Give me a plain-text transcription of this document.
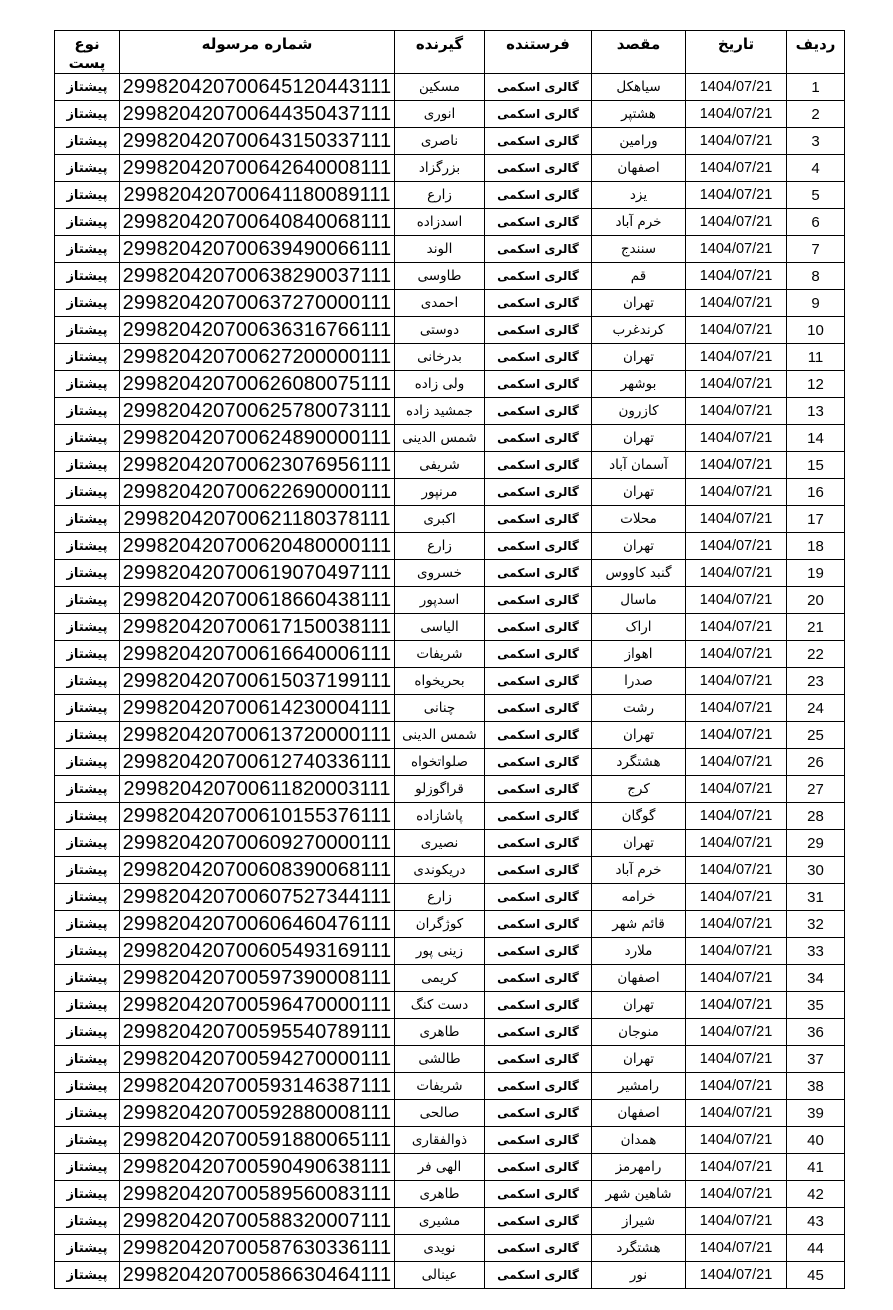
ردیف	تاریخ	مقصد	فرستنده	گیرنده	شماره مرسوله	نوع پست
1	1404/07/21	سیاهکل	گالری اسکمی	مسکین	299820420700645120443111	پیشتاز
2	1404/07/21	هشتپر	گالری اسکمی	انوری	299820420700644350437111	پیشتاز
3	1404/07/21	ورامین	گالری اسکمی	ناصری	299820420700643150337111	پیشتاز
4	1404/07/21	اصفهان	گالری اسکمی	بزرگزاد	299820420700642640008111	پیشتاز
5	1404/07/21	یزد	گالری اسکمی	زارع	299820420700641180089111	پیشتاز
6	1404/07/21	خرم آباد	گالری اسکمی	اسدزاده	299820420700640840068111	پیشتاز
7	1404/07/21	سنندج	گالری اسکمی	الوند	299820420700639490066111	پیشتاز
8	1404/07/21	قم	گالری اسکمی	طاوسی	299820420700638290037111	پیشتاز
9	1404/07/21	تهران	گالری اسکمی	احمدی	299820420700637270000111	پیشتاز
10	1404/07/21	کرندغرب	گالری اسکمی	دوستی	299820420700636316766111	پیشتاز
11	1404/07/21	تهران	گالری اسکمی	بدرخانی	299820420700627200000111	پیشتاز
12	1404/07/21	بوشهر	گالری اسکمی	ولی زاده	299820420700626080075111	پیشتاز
13	1404/07/21	کازرون	گالری اسکمی	جمشید زاده	299820420700625780073111	پیشتاز
14	1404/07/21	تهران	گالری اسکمی	شمس الدینی	299820420700624890000111	پیشتاز
15	1404/07/21	آسمان آباد	گالری اسکمی	شریفی	299820420700623076956111	پیشتاز
16	1404/07/21	تهران	گالری اسکمی	مرنپور	299820420700622690000111	پیشتاز
17	1404/07/21	محلات	گالری اسکمی	اکبری	299820420700621180378111	پیشتاز
18	1404/07/21	تهران	گالری اسکمی	زارع	299820420700620480000111	پیشتاز
19	1404/07/21	گنبد کاووس	گالری اسکمی	خسروی	299820420700619070497111	پیشتاز
20	1404/07/21	ماسال	گالری اسکمی	اسدپور	299820420700618660438111	پیشتاز
21	1404/07/21	اراک	گالری اسکمی	الیاسی	299820420700617150038111	پیشتاز
22	1404/07/21	اهواز	گالری اسکمی	شریفات	299820420700616640006111	پیشتاز
23	1404/07/21	صدرا	گالری اسکمی	بحریخواه	299820420700615037199111	پیشتاز
24	1404/07/21	رشت	گالری اسکمی	چنانی	299820420700614230004111	پیشتاز
25	1404/07/21	تهران	گالری اسکمی	شمس الدینی	299820420700613720000111	پیشتاز
26	1404/07/21	هشتگرد	گالری اسکمی	صلواتخواه	299820420700612740336111	پیشتاز
27	1404/07/21	کرج	گالری اسکمی	قراگوزلو	299820420700611820003111	پیشتاز
28	1404/07/21	گوگان	گالری اسکمی	پاشازاده	299820420700610155376111	پیشتاز
29	1404/07/21	تهران	گالری اسکمی	نصیری	299820420700609270000111	پیشتاز
30	1404/07/21	خرم آباد	گالری اسکمی	دریکوندی	299820420700608390068111	پیشتاز
31	1404/07/21	خرامه	گالری اسکمی	زارع	299820420700607527344111	پیشتاز
32	1404/07/21	قائم شهر	گالری اسکمی	کوژگران	299820420700606460476111	پیشتاز
33	1404/07/21	ملارد	گالری اسکمی	زینی پور	299820420700605493169111	پیشتاز
34	1404/07/21	اصفهان	گالری اسکمی	کریمی	299820420700597390008111	پیشتاز
35	1404/07/21	تهران	گالری اسکمی	دست کنگ	299820420700596470000111	پیشتاز
36	1404/07/21	منوجان	گالری اسکمی	طاهری	299820420700595540789111	پیشتاز
37	1404/07/21	تهران	گالری اسکمی	طالشی	299820420700594270000111	پیشتاز
38	1404/07/21	رامشیر	گالری اسکمی	شریفات	299820420700593146387111	پیشتاز
39	1404/07/21	اصفهان	گالری اسکمی	صالحی	299820420700592880008111	پیشتاز
40	1404/07/21	همدان	گالری اسکمی	ذوالفقاری	299820420700591880065111	پیشتاز
41	1404/07/21	رامهرمز	گالری اسکمی	الهی فر	299820420700590490638111	پیشتاز
42	1404/07/21	شاهین شهر	گالری اسکمی	طاهری	299820420700589560083111	پیشتاز
43	1404/07/21	شیراز	گالری اسکمی	مشیری	299820420700588320007111	پیشتاز
44	1404/07/21	هشتگرد	گالری اسکمی	نویدی	299820420700587630336111	پیشتاز
45	1404/07/21	نور	گالری اسکمی	عینالی	299820420700586630464111	پیشتاز
